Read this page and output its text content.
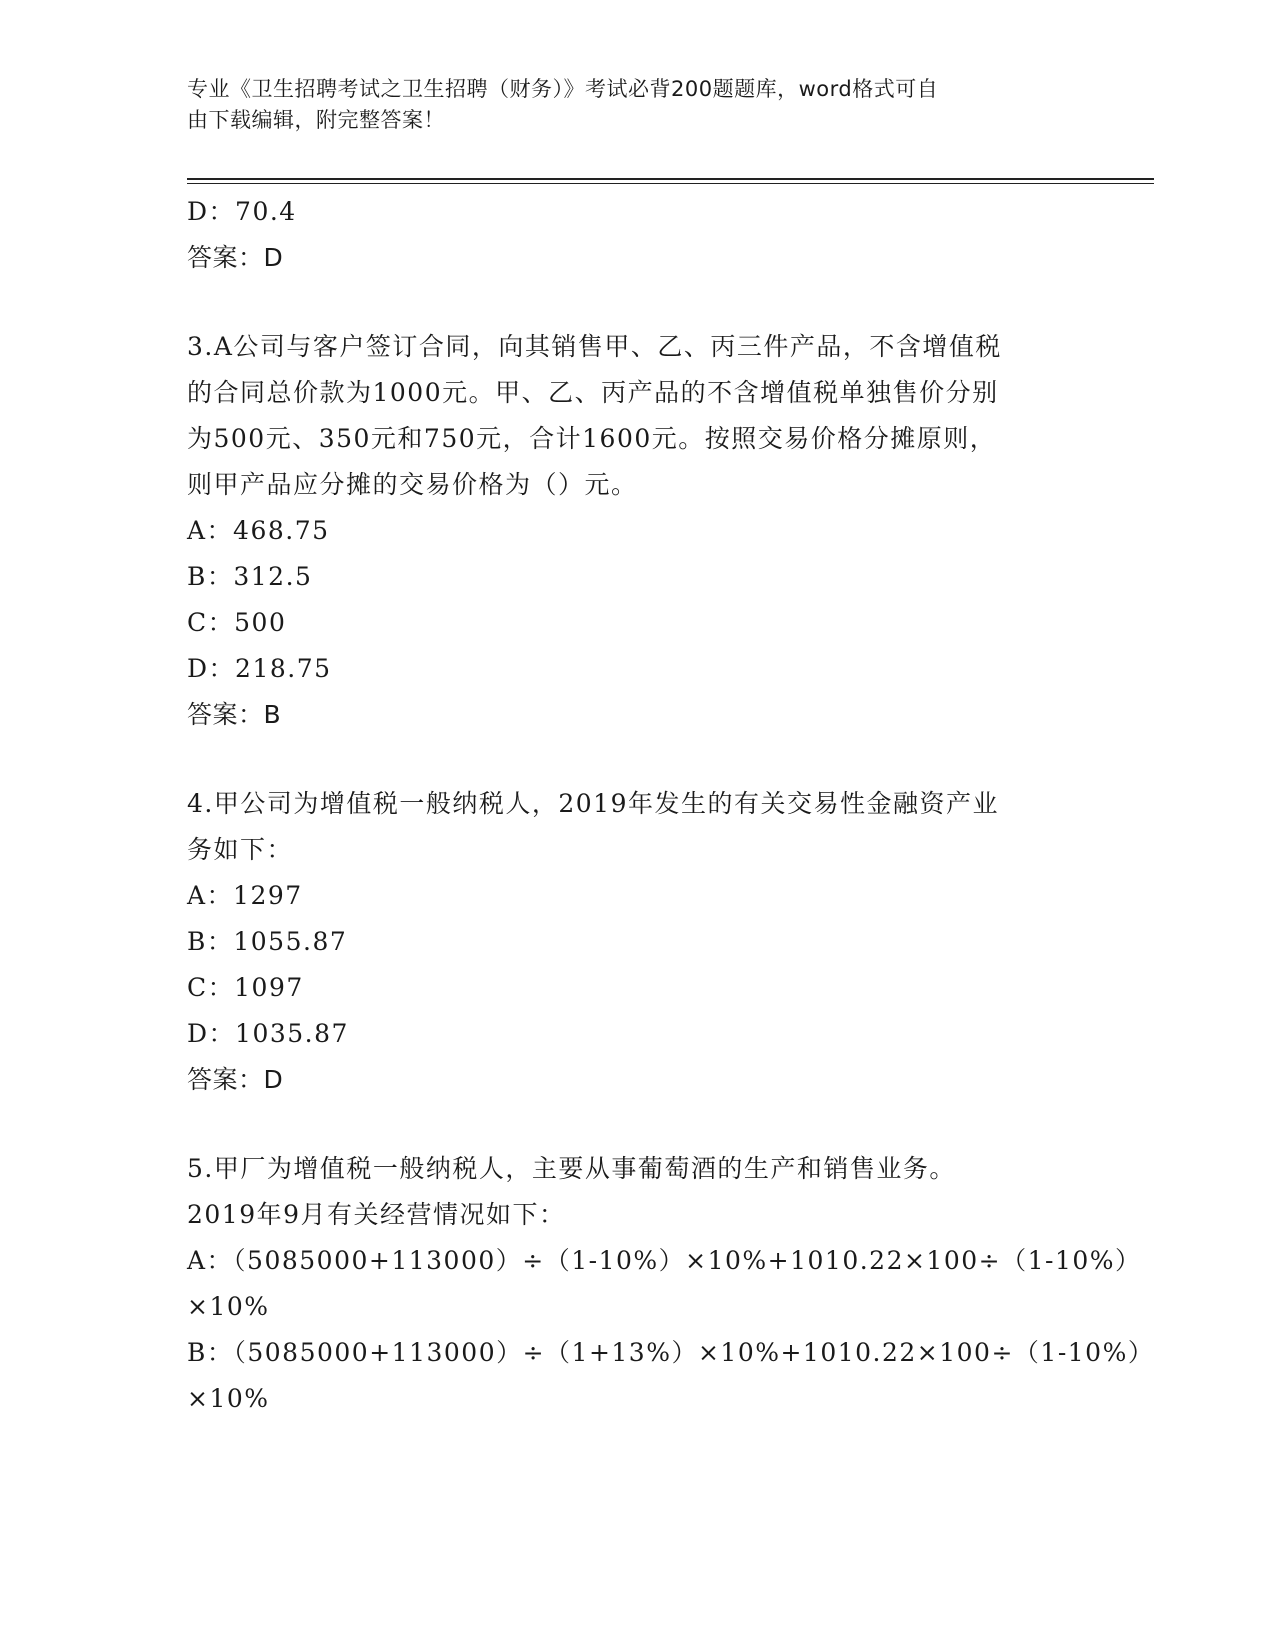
专业《卫生招聘考试之卫生招聘（财务）》考试必背200题题库，word格式可自
由下载编辑，附完整答案！
D：70.4
答案：D
3.A公司与客户签订合同，向其销售甲、乙、丙三件产品，不含增值税
的合同总价款为1000元。甲、乙、丙产品的不含增值税单独售价分别
为500元、350元和750元，合计1600元。按照交易价格分摊原则，
则甲产品应分摊的交易价格为（）元。
A：468.75
B：312.5
C：500
D：218.75
答案：B
4.甲公司为增值税一般纳税人，2019年发生的有关交易性金融资产业
务如下：
A：1297
B：1055.87
C：1097
D：1035.87
答案：D
5.甲厂为增值税一般纳税人，主要从事葡萄酒的生产和销售业务。
2019年9月有关经营情况如下：
A：（5085000+113000）÷（1-10%）×10%+1010.22×100÷（1-10%）
×10%
B：（5085000+113000）÷（1+13%）×10%+1010.22×100÷（1-10%）
×10%
